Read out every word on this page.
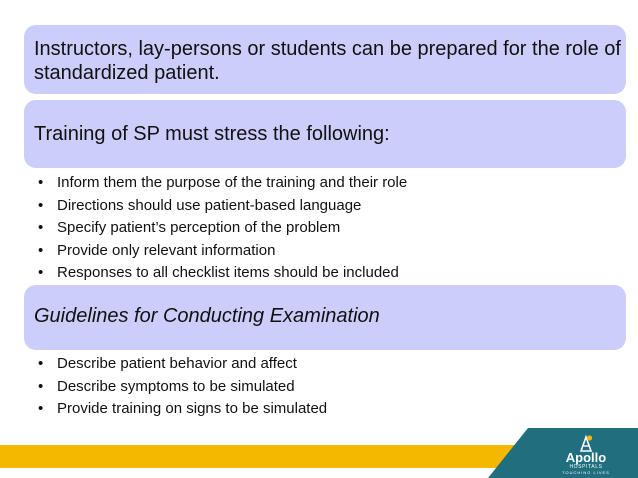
Instructors, lay-persons or students can be prepared for the role of standardized patient.
Training of SP must stress the following:
• Inform them the purpose of the training and their role
• Directions should use patient-based language
• Specify patient’s perception of the problem
• Provide only relevant information
• Responses to all checklist items should be included
Guidelines for Conducting Examination
• Describe patient behavior and affect
• Describe symptoms to be simulated
• Provide training on signs to be simulated
Apollo
HOSPITALS
TOUCHING LIVES
